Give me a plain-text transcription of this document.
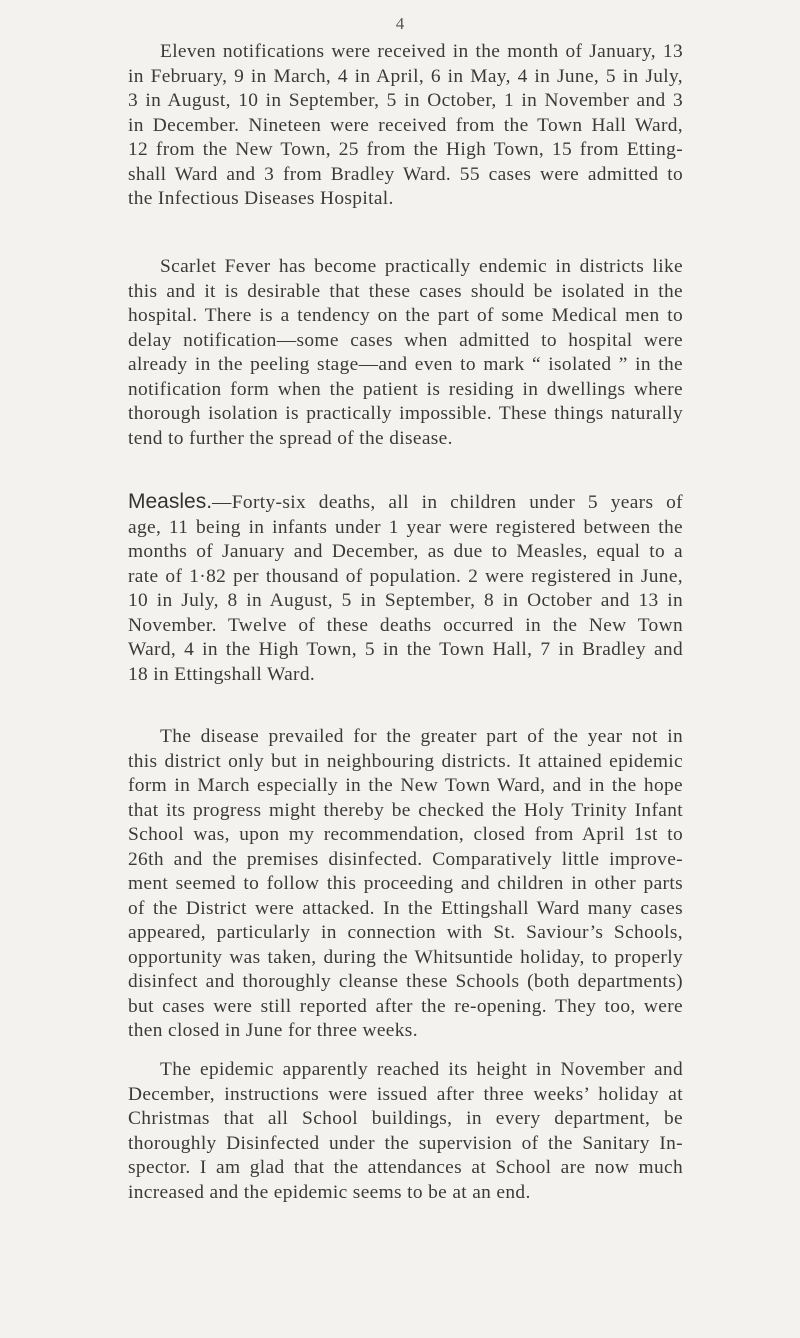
4
Eleven notifications were received in the month of January, 13
in February, 9 in March, 4 in April, 6 in May, 4 in June, 5 in July,
3 in August, 10 in September, 5 in October, 1 in November and 3
in December. Nineteen were received from the Town Hall Ward,
12 from the New Town, 25 from the High Town, 15 from Etting-
shall Ward and 3 from Bradley Ward. 55 cases were admitted to
the Infectious Diseases Hospital.
Scarlet Fever has become practically endemic in districts like
this and it is desirable that these cases should be isolated in the
hospital. There is a tendency on the part of some Medical men to
delay notification—some cases when admitted to hospital were
already in the peeling stage—and even to mark “ isolated ” in the
notification form when the patient is residing in dwellings where
thorough isolation is practically impossible. These things naturally
tend to further the spread of the disease.
Measles.—Forty-six deaths, all in children under 5 years of
age, 11 being in infants under 1 year were registered between the
months of January and December, as due to Measles, equal to a
rate of 1·82 per thousand of population. 2 were registered in June,
10 in July, 8 in August, 5 in September, 8 in October and 13 in
November. Twelve of these deaths occurred in the New Town
Ward, 4 in the High Town, 5 in the Town Hall, 7 in Bradley and
18 in Ettingshall Ward.
The disease prevailed for the greater part of the year not in
this district only but in neighbouring districts. It attained epidemic
form in March especially in the New Town Ward, and in the hope
that its progress might thereby be checked the Holy Trinity Infant
School was, upon my recommendation, closed from April 1st to
26th and the premises disinfected. Comparatively little improve-
ment seemed to follow this proceeding and children in other parts
of the District were attacked. In the Ettingshall Ward many cases
appeared, particularly in connection with St. Saviour’s Schools,
opportunity was taken, during the Whitsuntide holiday, to properly
disinfect and thoroughly cleanse these Schools (both departments)
but cases were still reported after the re-opening. They too, were
then closed in June for three weeks.
The epidemic apparently reached its height in November and
December, instructions were issued after three weeks’ holiday at
Christmas that all School buildings, in every department, be
thoroughly Disinfected under the supervision of the Sanitary In-
spector. I am glad that the attendances at School are now much
increased and the epidemic seems to be at an end.
